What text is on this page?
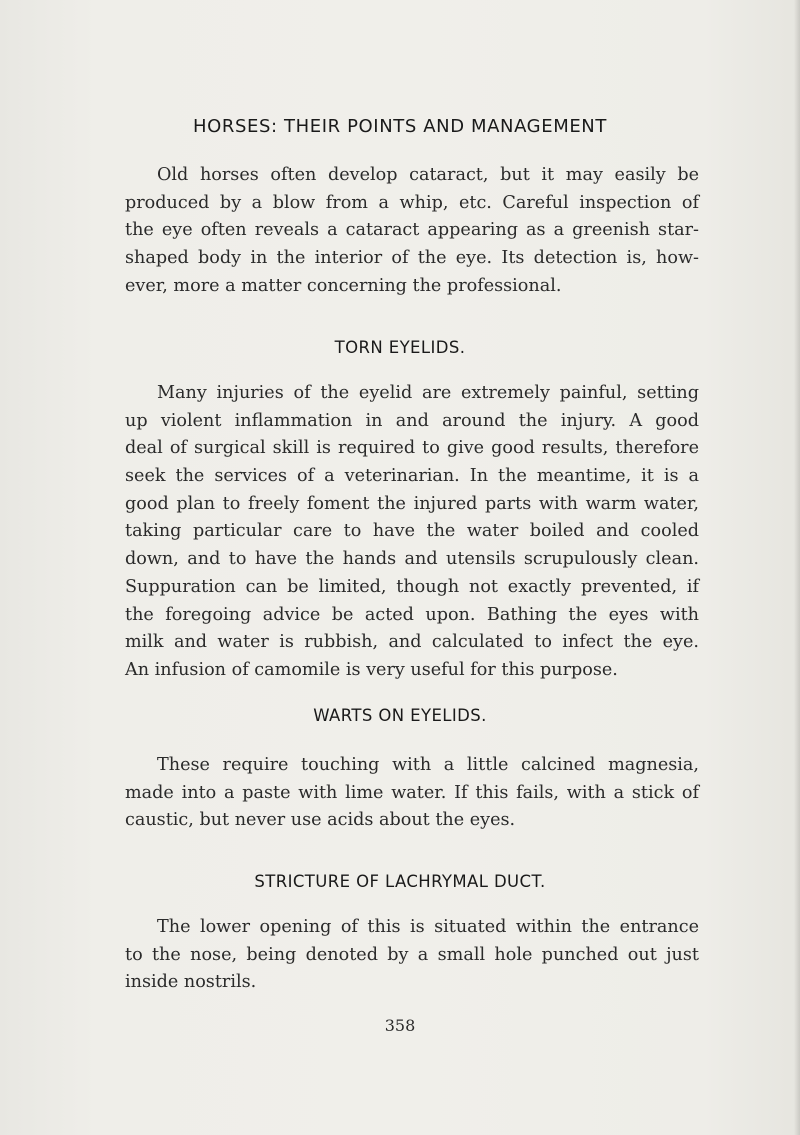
HORSES: THEIR POINTS AND MANAGEMENT
Old horses often develop cataract, but it may easily be
produced by a blow from a whip, etc. Careful inspection of
the eye often reveals a cataract appearing as a greenish star-
shaped body in the interior of the eye. Its detection is, how-
ever, more a matter concerning the professional.
TORN EYELIDS.
Many injuries of the eyelid are extremely painful, setting
up violent inflammation in and around the injury. A good
deal of surgical skill is required to give good results, therefore
seek the services of a veterinarian. In the meantime, it is a
good plan to freely foment the injured parts with warm water,
taking particular care to have the water boiled and cooled
down, and to have the hands and utensils scrupulously clean.
Suppuration can be limited, though not exactly prevented, if
the foregoing advice be acted upon. Bathing the eyes with
milk and water is rubbish, and calculated to infect the eye.
An infusion of camomile is very useful for this purpose.
WARTS ON EYELIDS.
These require touching with a little calcined magnesia,
made into a paste with lime water. If this fails, with a stick of
caustic, but never use acids about the eyes.
STRICTURE OF LACHRYMAL DUCT.
The lower opening of this is situated within the entrance
to the nose, being denoted by a small hole punched out just
inside nostrils.
358
